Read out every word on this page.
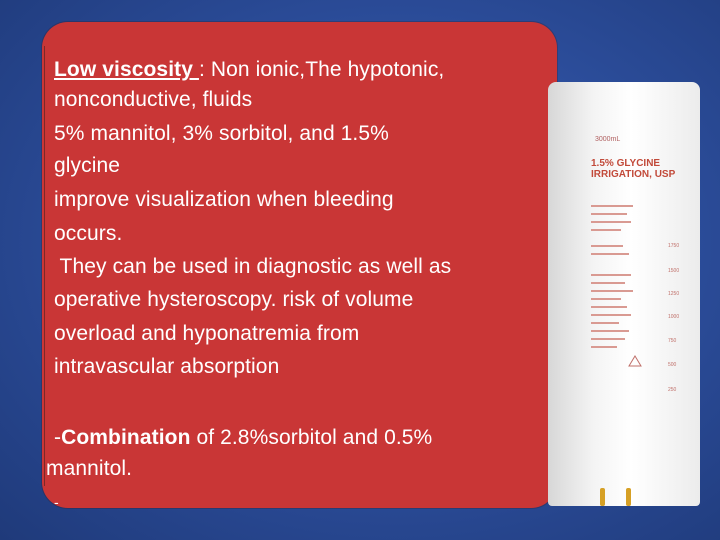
Low viscosity : Non ionic,The hypotonic,
nonconductive, fluids
5% mannitol, 3% sorbitol, and 1.5%
glycine
improve visualization when bleeding
occurs.
They can be used in diagnostic as well as
operative hysteroscopy. risk of volume
overload and hyponatremia from
intravascular absorption
-Combination of 2.8%sorbitol and 0.5%
mannitol.
-
3000mL
1.5% GLYCINE
IRRIGATION, USP
1750
1500
1250
1000
750
500
250
